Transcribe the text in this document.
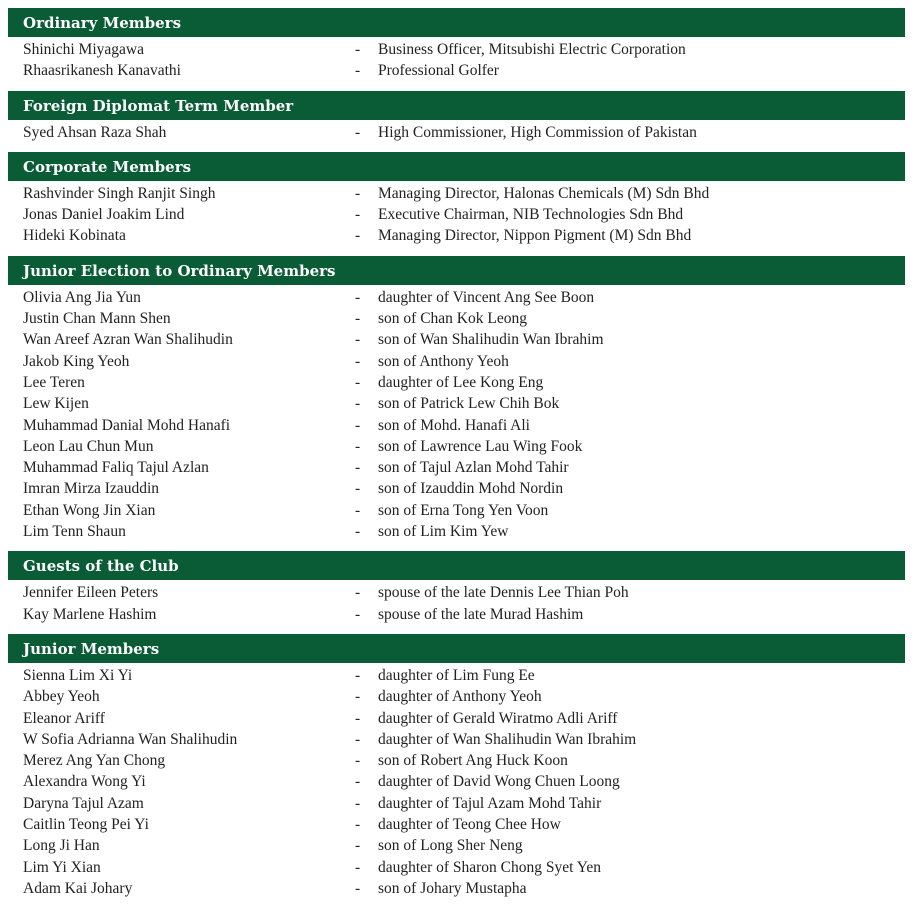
Ordinary Members
Shinichi Miyagawa	- Business Officer, Mitsubishi Electric Corporation
Rhaasrikanesh Kanavathi	- Professional Golfer
Foreign Diplomat Term Member
Syed Ahsan Raza Shah	- High Commissioner, High Commission of Pakistan
Corporate Members
Rashvinder Singh Ranjit Singh	- Managing Director, Halonas Chemicals (M) Sdn Bhd
Jonas Daniel Joakim Lind	- Executive Chairman, NIB Technologies Sdn Bhd
Hideki Kobinata	- Managing Director, Nippon Pigment (M) Sdn Bhd
Junior Election to Ordinary Members
Olivia Ang Jia Yun	- daughter of Vincent Ang See Boon
Justin Chan Mann Shen	- son of Chan Kok Leong
Wan Areef Azran Wan Shalihudin	- son of Wan Shalihudin Wan Ibrahim
Jakob King Yeoh	- son of Anthony Yeoh
Lee Teren	- daughter of Lee Kong Eng
Lew Kijen	- son of Patrick Lew Chih Bok
Muhammad Danial Mohd Hanafi	- son of Mohd. Hanafi Ali
Leon Lau Chun Mun	- son of Lawrence Lau Wing Fook
Muhammad Faliq Tajul Azlan	- son of Tajul Azlan Mohd Tahir
Imran Mirza Izauddin	- son of Izauddin Mohd Nordin
Ethan Wong Jin Xian	- son of Erna Tong Yen Voon
Lim Tenn Shaun	- son of Lim Kim Yew
Guests of the Club
Jennifer Eileen Peters	- spouse of the late Dennis Lee Thian Poh
Kay Marlene Hashim	- spouse of the late Murad Hashim
Junior Members
Sienna Lim Xi Yi	- daughter of Lim Fung Ee
Abbey Yeoh	- daughter of Anthony Yeoh
Eleanor Ariff	- daughter of Gerald Wiratmo Adli Ariff
W Sofia Adrianna Wan Shalihudin	- daughter of Wan Shalihudin Wan Ibrahim
Merez Ang Yan Chong	- son of Robert Ang Huck Koon
Alexandra Wong Yi	- daughter of David Wong Chuen Loong
Daryna Tajul Azam	- daughter of Tajul Azam Mohd Tahir
Caitlin Teong Pei Yi	- daughter of Teong Chee How
Long Ji Han	- son of Long Sher Neng
Lim Yi Xian	- daughter of Sharon Chong Syet Yen
Adam Kai Johary	- son of Johary Mustapha
